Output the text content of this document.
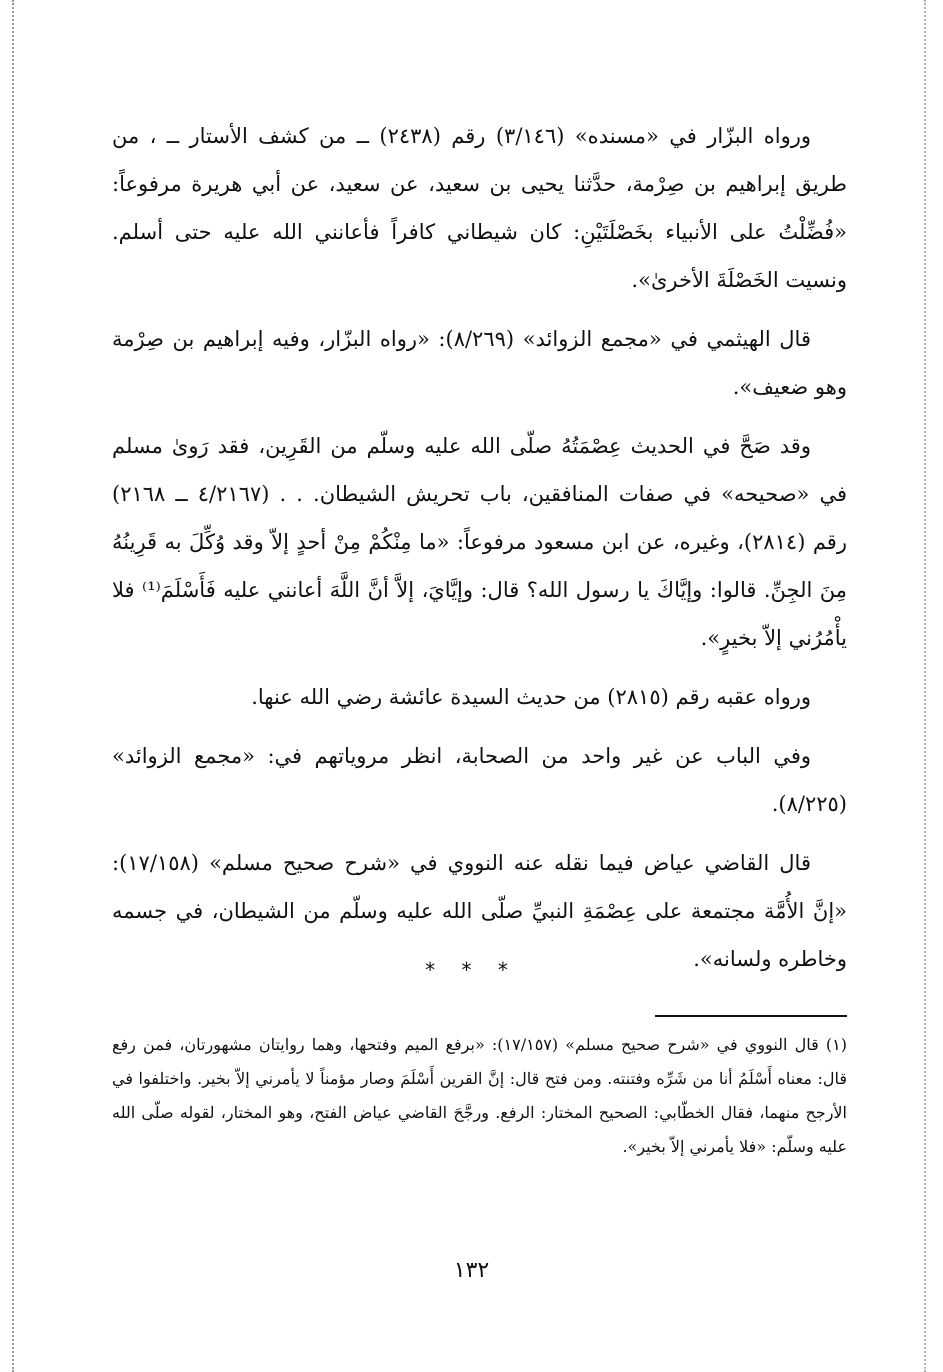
ورواه البزّار في «مسنده» (٣/١٤٦) رقم (٢٤٣٨) ــ من كشف الأستار ــ ، من طريق إبراهيم بن صِرْمة، حدَّثنا يحيى بن سعيد، عن سعيد، عن أبي هريرة مرفوعاً: «فُضِّلْتُ على الأنبياء بخَصْلَتَيْنِ: كان شيطاني كافراً فأعانني الله عليه حتى أسلم. ونسيت الخَصْلَةَ الأخرىٰ».

قال الهيثمي في «مجمع الزوائد» (٨/٢٦٩): «رواه البزّار، وفيه إبراهيم بن صِرْمة وهو ضعيف».

وقد صَحَّ في الحديث عِصْمَتُهُ صلّى الله عليه وسلّم من القَرِين، فقد رَوىٰ مسلم في «صحيحه» في صفات المنافقين، باب تحريش الشيطان. . . (٤/٢١٦٧ ــ ٢١٦٨) رقم (٢٨١٤)، وغيره، عن ابن مسعود مرفوعاً: «ما مِنْكُمْ مِنْ أحدٍ إلاّ وقد وُكِّلَ به قَرِينُهُ مِنَ الجِنِّ. قالوا: وإيَّاكَ يا رسول الله؟ قال: وإيَّايَ، إلاَّ أنَّ اللَّهَ أعانني عليه فَأَسْلَمَ⁽¹⁾ فلا يأْمُرُني إلاّ بخيرٍ».

ورواه عقبه رقم (٢٨١٥) من حديث السيدة عائشة رضي الله عنها.

وفي الباب عن غير واحد من الصحابة، انظر مروياتهم في: «مجمع الزوائد» (٨/٢٢٥).

قال القاضي عياض فيما نقله عنه النووي في «شرح صحيح مسلم» (١٧/١٥٨): «إنَّ الأُمَّة مجتمعة على عِصْمَةِ النبيِّ صلّى الله عليه وسلّم من الشيطان، في جسمه وخاطره ولسانه».

* * *

(١) قال النووي في «شرح صحيح مسلم» (١٧/١٥٧): «برفع الميم وفتحها، وهما روايتان مشهورتان، فمن رفع قال: معناه أَسْلَمُ أنا من شَرِّه وفتنته. ومن فتح قال: إنَّ القرين أَسْلَمَ وصار مؤمناً لا يأمرني إلاّ بخير. واختلفوا في الأرجح منهما، فقال الخطّابي: الصحيح المختار: الرفع. ورجَّحَ القاضي عياض الفتح، وهو المختار، لقوله صلّى الله عليه وسلّم: «فلا يأمرني إلاّ بخير».

١٣٢
